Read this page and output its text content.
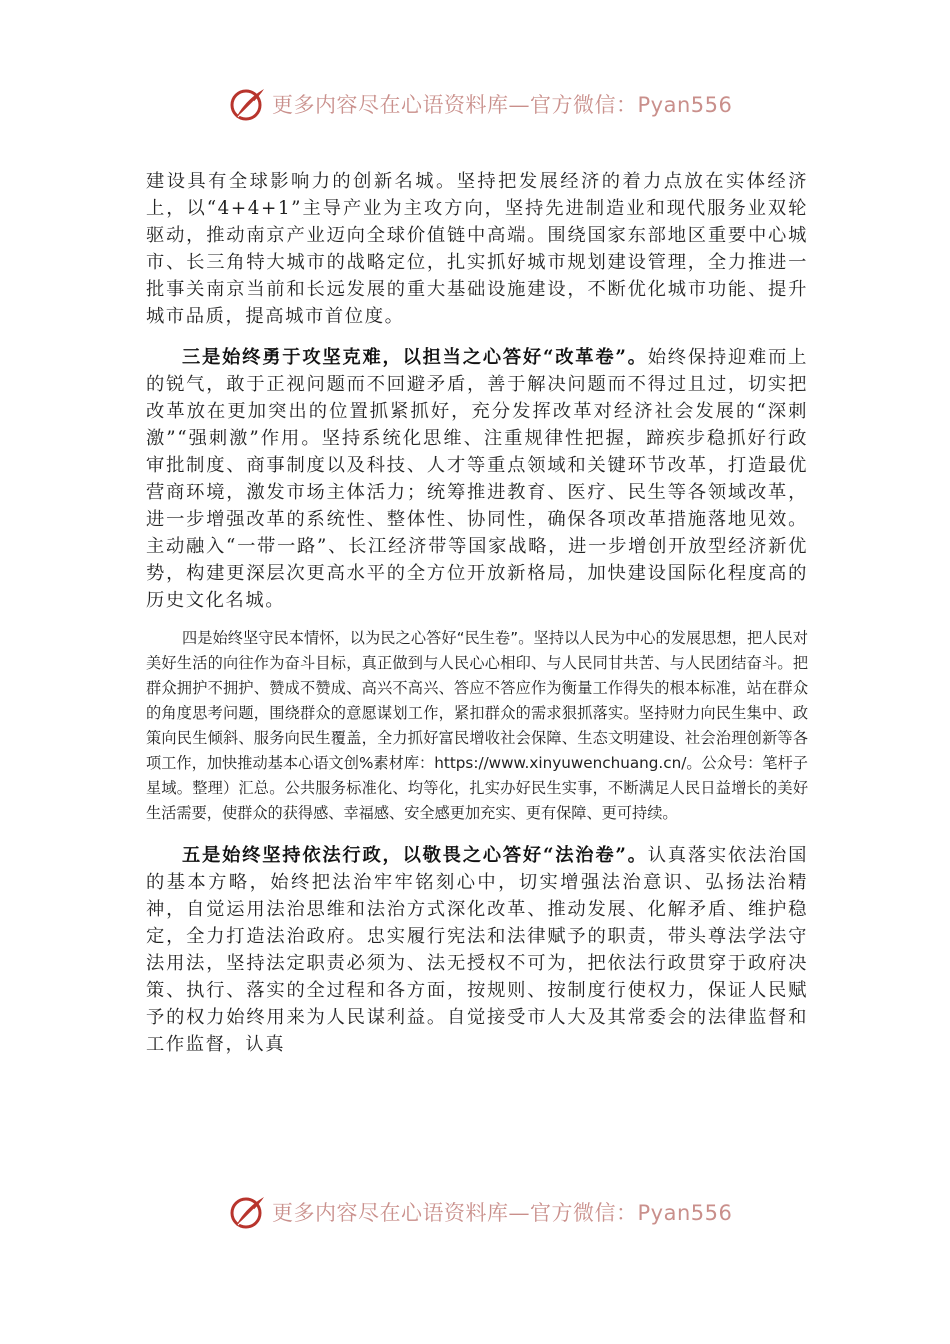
更多内容尽在心语资料库—官方微信：Pyan556

建设具有全球影响力的创新名城。坚持把发展经济的着力点放在实体经济上，以“4+4+1”主导产业为主攻方向，坚持先进制造业和现代服务业双轮驱动，推动南京产业迈向全球价值链中高端。围绕国家东部地区重要中心城市、长三角特大城市的战略定位，扎实抓好城市规划建设管理，全力推进一批事关南京当前和长远发展的重大基础设施建设，不断优化城市功能、提升城市品质，提高城市首位度。

三是始终勇于攻坚克难，以担当之心答好“改革卷”。始终保持迎难而上的锐气，敢于正视问题而不回避矛盾，善于解决问题而不得过且过，切实把改革放在更加突出的位置抓紧抓好，充分发挥改革对经济社会发展的“深刺激”“强刺激”作用。坚持系统化思维、注重规律性把握，蹄疾步稳抓好行政审批制度、商事制度以及科技、人才等重点领域和关键环节改革，打造最优营商环境，激发市场主体活力；统筹推进教育、医疗、民生等各领域改革，进一步增强改革的系统性、整体性、协同性，确保各项改革措施落地见效。主动融入“一带一路”、长江经济带等国家战略，进一步增创开放型经济新优势，构建更深层次更高水平的全方位开放新格局，加快建设国际化程度高的历史文化名城。

四是始终坚守民本情怀，以为民之心答好“民生卷”。坚持以人民为中心的发展思想，把人民对美好生活的向往作为奋斗目标，真正做到与人民心心相印、与人民同甘共苦、与人民团结奋斗。把群众拥护不拥护、赞成不赞成、高兴不高兴、答应不答应作为衡量工作得失的根本标准，站在群众的角度思考问题，围绕群众的意愿谋划工作，紧扣群众的需求狠抓落实。坚持财力向民生集中、政策向民生倾斜、服务向民生覆盖，全力抓好富民增收社会保障、生态文明建设、社会治理创新等各项工作，加快推动基本心语文创%素材库：https://www.xinyuwenchuang.cn/。公众号：笔杆子星域。整理）汇总。公共服务标准化、均等化，扎实办好民生实事，不断满足人民日益增长的美好生活需要，使群众的获得感、幸福感、安全感更加充实、更有保障、更可持续。

五是始终坚持依法行政，以敬畏之心答好“法治卷”。认真落实依法治国的基本方略，始终把法治牢牢铭刻心中，切实增强法治意识、弘扬法治精神，自觉运用法治思维和法治方式深化改革、推动发展、化解矛盾、维护稳定，全力打造法治政府。忠实履行宪法和法律赋予的职责，带头尊法学法守法用法，坚持法定职责必须为、法无授权不可为，把依法行政贯穿于政府决策、执行、落实的全过程和各方面，按规则、按制度行使权力，保证人民赋予的权力始终用来为人民谋利益。自觉接受市人大及其常委会的法律监督和工作监督，认真

更多内容尽在心语资料库—官方微信：Pyan556
